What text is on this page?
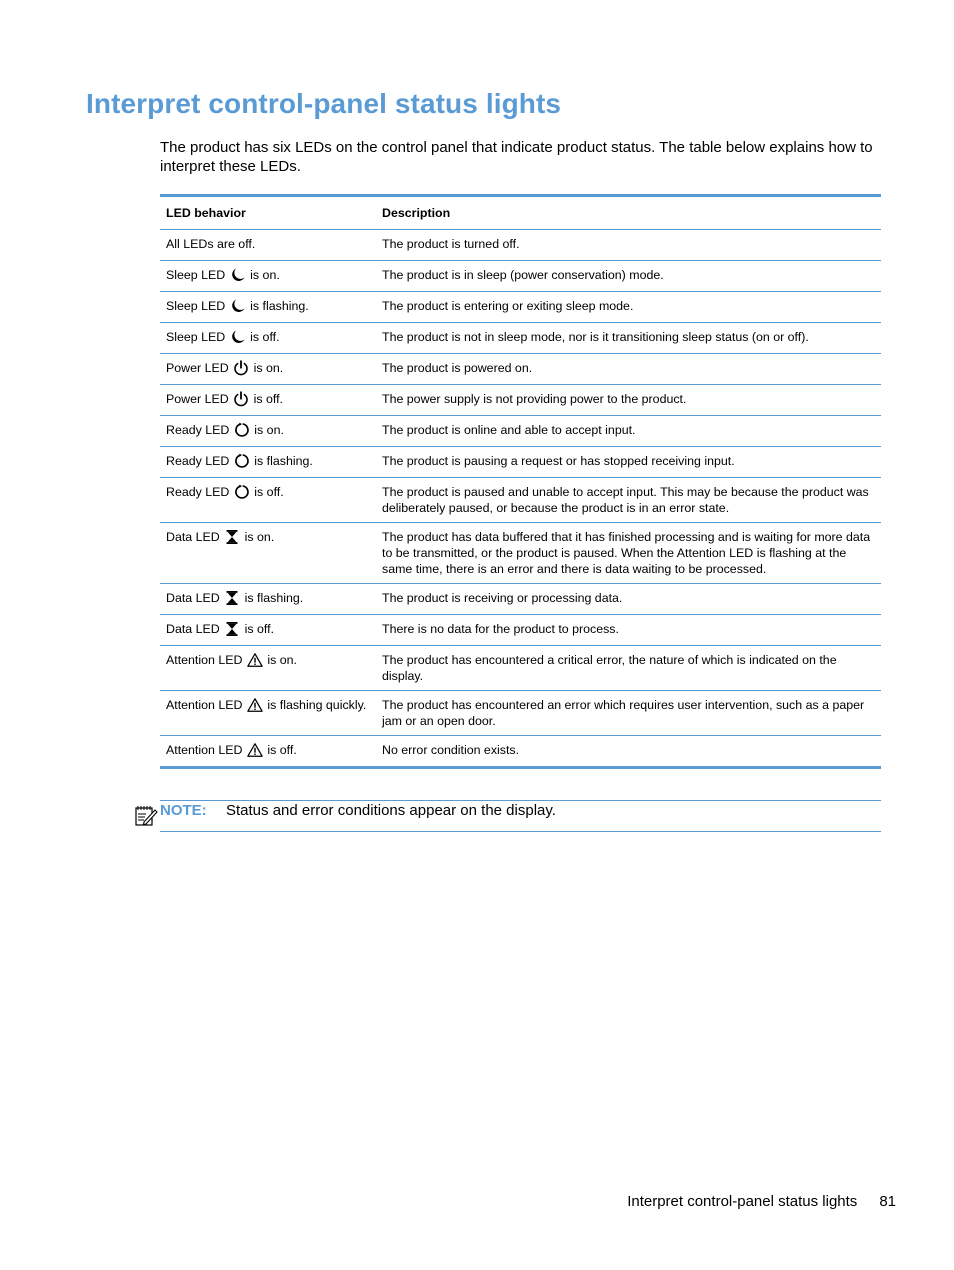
Interpret control-panel status lights

The product has six LEDs on the control panel that indicate product status. The table below explains how to interpret these LEDs.

LED behavior	Description
All LEDs are off.	The product is turned off.
Sleep LED is on.	The product is in sleep (power conservation) mode.
Sleep LED is flashing.	The product is entering or exiting sleep mode.
Sleep LED is off.	The product is not in sleep mode, nor is it transitioning sleep status (on or off).
Power LED is on.	The product is powered on.
Power LED is off.	The power supply is not providing power to the product.
Ready LED is on.	The product is online and able to accept input.
Ready LED is flashing.	The product is pausing a request or has stopped receiving input.
Ready LED is off.	The product is paused and unable to accept input. This may be because the product was deliberately paused, or because the product is in an error state.
Data LED is on.	The product has data buffered that it has finished processing and is waiting for more data to be transmitted, or the product is paused. When the Attention LED is flashing at the same time, there is an error and there is data waiting to be processed.
Data LED is flashing.	The product is receiving or processing data.
Data LED is off.	There is no data for the product to process.
Attention LED is on.	The product has encountered a critical error, the nature of which is indicated on the display.
Attention LED is flashing quickly.	The product has encountered an error which requires user intervention, such as a paper jam or an open door.
Attention LED is off.	No error condition exists.
NOTE: Status and error conditions appear on the display.
Interpret control-panel status lights 81
